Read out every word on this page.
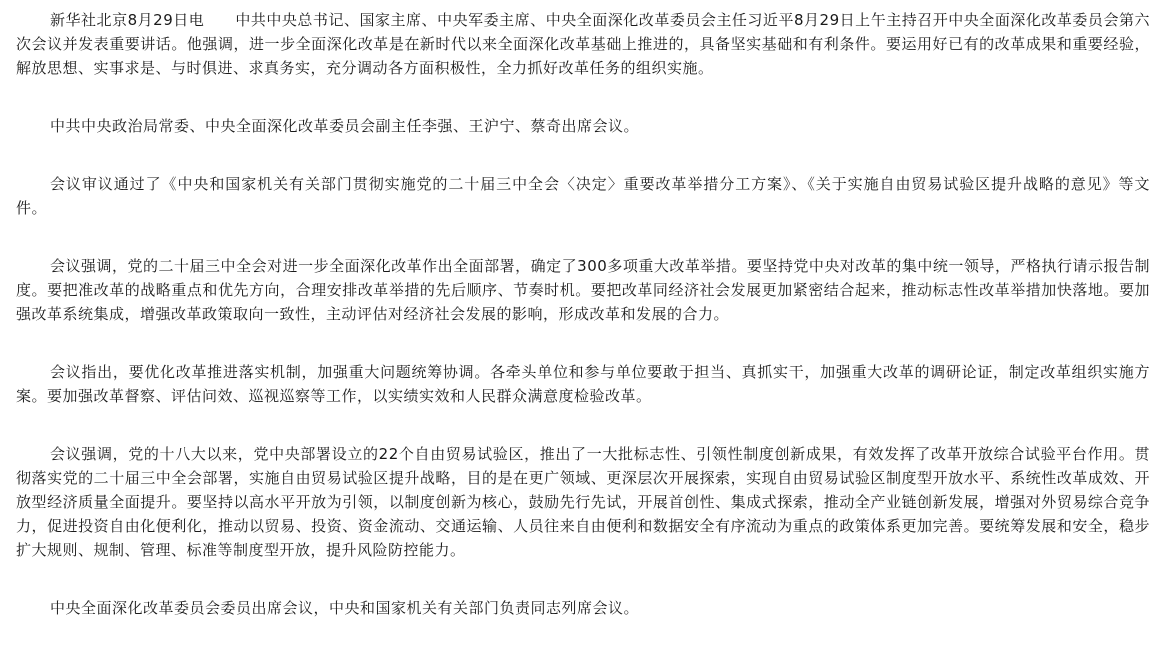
新华社北京8月29日电　　中共中央总书记、国家主席、中央军委主席、中央全面深化改革委员会主任习近平8月29日上午主持召开中央全面深化改革委员会第六次会议并发表重要讲话。他强调，进一步全面深化改革是在新时代以来全面深化改革基础上推进的，具备坚实基础和有利条件。要运用好已有的改革成果和重要经验，解放思想、实事求是、与时俱进、求真务实，充分调动各方面积极性，全力抓好改革任务的组织实施。

中共中央政治局常委、中央全面深化改革委员会副主任李强、王沪宁、蔡奇出席会议。

会议审议通过了《中央和国家机关有关部门贯彻实施党的二十届三中全会〈决定〉重要改革举措分工方案》、《关于实施自由贸易试验区提升战略的意见》等文件。

会议强调，党的二十届三中全会对进一步全面深化改革作出全面部署，确定了300多项重大改革举措。要坚持党中央对改革的集中统一领导，严格执行请示报告制度。要把准改革的战略重点和优先方向，合理安排改革举措的先后顺序、节奏时机。要把改革同经济社会发展更加紧密结合起来，推动标志性改革举措加快落地。要加强改革系统集成，增强改革政策取向一致性，主动评估对经济社会发展的影响，形成改革和发展的合力。

会议指出，要优化改革推进落实机制，加强重大问题统筹协调。各牵头单位和参与单位要敢于担当、真抓实干，加强重大改革的调研论证，制定改革组织实施方案。要加强改革督察、评估问效、巡视巡察等工作，以实绩实效和人民群众满意度检验改革。

会议强调，党的十八大以来，党中央部署设立的22个自由贸易试验区，推出了一大批标志性、引领性制度创新成果，有效发挥了改革开放综合试验平台作用。贯彻落实党的二十届三中全会部署，实施自由贸易试验区提升战略，目的是在更广领域、更深层次开展探索，实现自由贸易试验区制度型开放水平、系统性改革成效、开放型经济质量全面提升。要坚持以高水平开放为引领，以制度创新为核心，鼓励先行先试，开展首创性、集成式探索，推动全产业链创新发展，增强对外贸易综合竞争力，促进投资自由化便利化，推动以贸易、投资、资金流动、交通运输、人员往来自由便利和数据安全有序流动为重点的政策体系更加完善。要统筹发展和安全，稳步扩大规则、规制、管理、标准等制度型开放，提升风险防控能力。

中央全面深化改革委员会委员出席会议，中央和国家机关有关部门负责同志列席会议。
